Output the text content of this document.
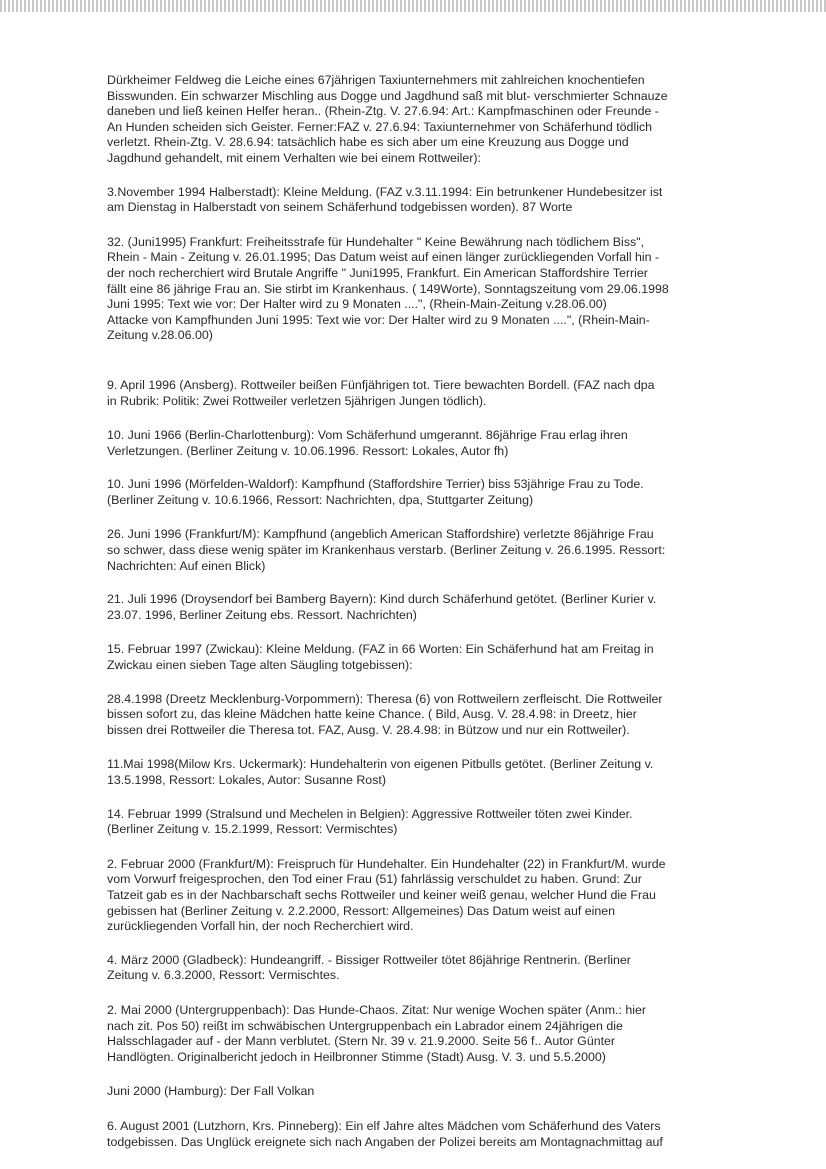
Dürkheimer Feldweg die Leiche eines 67jährigen Taxiunternehmers mit zahlreichen knochentiefen
Bisswunden. Ein schwarzer Mischling aus Dogge und Jagdhund saß mit blut- verschmierter Schnauze
daneben und ließ keinen Helfer heran.. (Rhein-Ztg. V. 27.6.94: Art.: Kampfmaschinen oder Freunde -
An Hunden scheiden sich Geister. Ferner:FAZ v. 27.6.94: Taxiunternehmer von Schäferhund tödlich
verletzt. Rhein-Ztg. V. 28.6.94: tatsächlich habe es sich aber um eine Kreuzung aus Dogge und
Jagdhund gehandelt, mit einem Verhalten wie bei einem Rottweiler):

3.November 1994 Halberstadt): Kleine Meldung. (FAZ v.3.11.1994: Ein betrunkener Hundebesitzer ist
am Dienstag in Halberstadt von seinem Schäferhund todgebissen worden). 87 Worte

32. (Juni1995) Frankfurt: Freiheitsstrafe für Hundehalter " Keine Bewährung nach tödlichem Biss",
Rhein - Main - Zeitung v. 26.01.1995; Das Datum weist auf einen länger zurückliegenden Vorfall hin -
der noch recherchiert wird Brutale Angriffe " Juni1995, Frankfurt. Ein American Staffordshire Terrier
fällt eine 86 jährige Frau an. Sie stirbt im Krankenhaus. ( 149Worte), Sonntagszeitung vom 29.06.1998
Juni 1995: Text wie vor: Der Halter wird zu 9 Monaten ....", (Rhein-Main-Zeitung v.28.06.00)
Attacke von Kampfhunden Juni 1995: Text wie vor: Der Halter wird zu 9 Monaten ....", (Rhein-Main-
Zeitung v.28.06.00)

9. April 1996 (Ansberg). Rottweiler beißen Fünfjährigen tot. Tiere bewachten Bordell. (FAZ nach dpa
in Rubrik: Politik: Zwei Rottweiler verletzen 5jährigen Jungen tödlich).

10. Juni 1966 (Berlin-Charlottenburg): Vom Schäferhund umgerannt. 86jährige Frau erlag ihren
Verletzungen. (Berliner Zeitung v. 10.06.1996. Ressort: Lokales, Autor fh)

10. Juni 1996 (Mörfelden-Waldorf): Kampfhund (Staffordshire Terrier) biss 53jährige Frau zu Tode.
(Berliner Zeitung v. 10.6.1966, Ressort: Nachrichten, dpa, Stuttgarter Zeitung)

26. Juni 1996 (Frankfurt/M): Kampfhund (angeblich American Staffordshire) verletzte 86jährige Frau
so schwer, dass diese wenig später im Krankenhaus verstarb. (Berliner Zeitung v. 26.6.1995. Ressort:
Nachrichten: Auf einen Blick)

21. Juli 1996 (Droysendorf bei Bamberg Bayern): Kind durch Schäferhund getötet. (Berliner Kurier v.
23.07. 1996, Berliner Zeitung ebs. Ressort. Nachrichten)

15. Februar 1997 (Zwickau): Kleine Meldung. (FAZ in 66 Worten: Ein Schäferhund hat am Freitag in
Zwickau einen sieben Tage alten Säugling totgebissen):

28.4.1998 (Dreetz Mecklenburg-Vorpommern): Theresa (6) von Rottweilern zerfleischt. Die Rottweiler
bissen sofort zu, das kleine Mädchen hatte keine Chance. ( Bild, Ausg. V. 28.4.98: in Dreetz, hier
bissen drei Rottweiler die Theresa tot. FAZ, Ausg. V. 28.4.98: in Bützow und nur ein Rottweiler).

11.Mai 1998(Milow Krs. Uckermark): Hundehalterin von eigenen Pitbulls getötet. (Berliner Zeitung v.
13.5.1998, Ressort: Lokales, Autor: Susanne Rost)

14. Februar 1999 (Stralsund und Mechelen in Belgien): Aggressive Rottweiler töten zwei Kinder.
(Berliner Zeitung v. 15.2.1999, Ressort: Vermischtes)

2. Februar 2000 (Frankfurt/M): Freispruch für Hundehalter. Ein Hundehalter (22) in Frankfurt/M. wurde
vom Vorwurf freigesprochen, den Tod einer Frau (51) fahrlässig verschuldet zu haben. Grund: Zur
Tatzeit gab es in der Nachbarschaft sechs Rottweiler und keiner weiß genau, welcher Hund die Frau
gebissen hat (Berliner Zeitung v. 2.2.2000, Ressort: Allgemeines) Das Datum weist auf einen
zurückliegenden Vorfall hin, der noch Recherchiert wird.

4. März 2000 (Gladbeck): Hundeangriff. - Bissiger Rottweiler tötet 86jährige Rentnerin. (Berliner
Zeitung v. 6.3.2000, Ressort: Vermischtes.

2. Mai 2000 (Untergruppenbach): Das Hunde-Chaos. Zitat: Nur wenige Wochen später (Anm.: hier
nach zit. Pos 50) reißt im schwäbischen Untergruppenbach ein Labrador einem 24jährigen die
Halsschlagader auf - der Mann verblutet. (Stern Nr. 39 v. 21.9.2000. Seite 56 f.. Autor Günter
Handlögten. Originalbericht jedoch in Heilbronner Stimme (Stadt) Ausg. V. 3. und 5.5.2000)

Juni 2000 (Hamburg): Der Fall Volkan

6. August 2001 (Lutzhorn, Krs. Pinneberg): Ein elf Jahre altes Mädchen vom Schäferhund des Vaters
todgebissen. Das Unglück ereignete sich nach Angaben der Polizei bereits am Montagnachmittag auf
